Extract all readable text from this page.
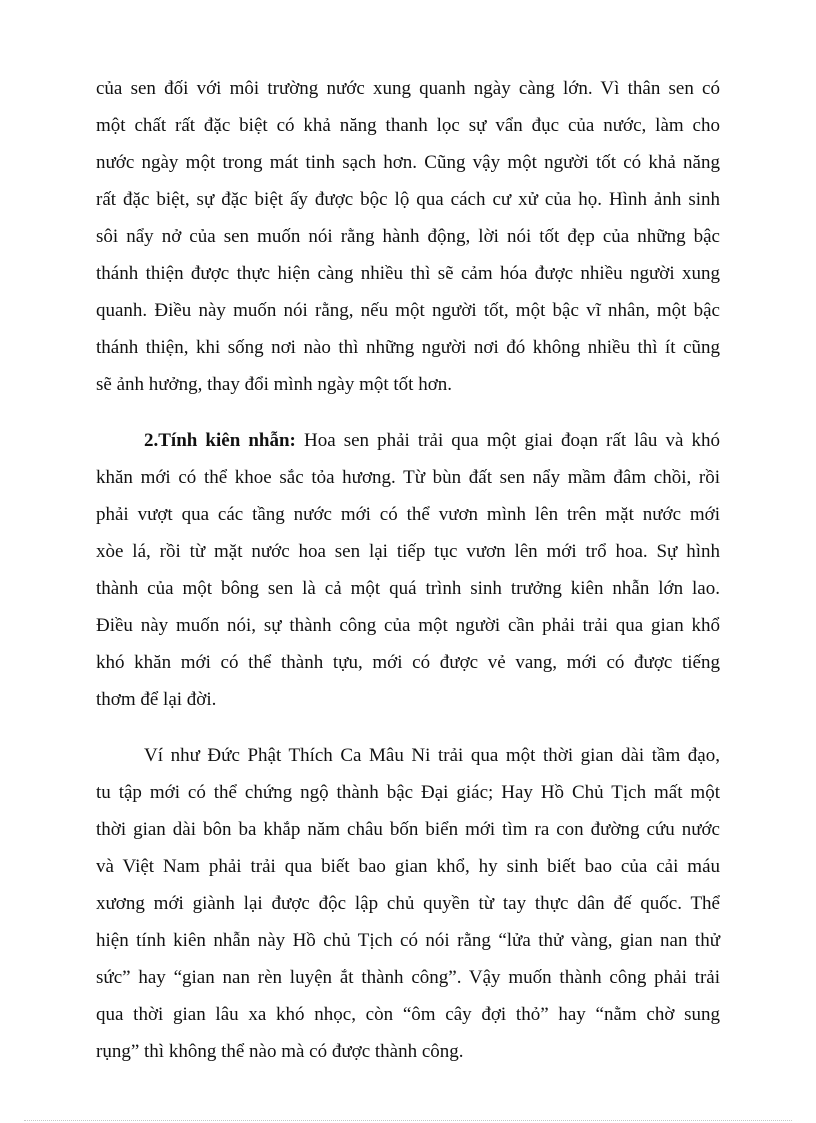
của sen đối với môi trường nước xung quanh ngày càng lớn. Vì thân sen có
một chất rất đặc biệt có khả năng thanh lọc sự vẩn đục của nước, làm cho
nước ngày một trong mát tinh sạch hơn. Cũng vậy một người tốt có khả năng
rất đặc biệt, sự đặc biệt ấy được bộc lộ qua cách cư xử của họ. Hình ảnh sinh
sôi nẩy nở của sen muốn nói rằng hành động, lời nói tốt đẹp của những bậc
thánh thiện được thực hiện càng nhiều thì sẽ cảm hóa được nhiều người xung
quanh. Điều này muốn nói rằng, nếu một người tốt, một bậc vĩ nhân, một bậc
thánh thiện, khi sống nơi nào thì những người nơi đó không nhiều thì ít cũng
sẽ ảnh hưởng, thay đổi mình ngày một tốt hơn.
2.Tính kiên nhẫn: Hoa sen phải trải qua một giai đoạn rất lâu và khó
khăn mới có thể khoe sắc tỏa hương. Từ bùn đất sen nẩy mầm đâm chồi, rồi
phải vượt qua các tầng nước mới có thể vươn mình lên trên mặt nước mới
xòe lá, rồi từ mặt nước hoa sen lại tiếp tục vươn lên mới trổ hoa. Sự hình
thành của một bông sen là cả một quá trình sinh trưởng kiên nhẫn lớn lao.
Điều này muốn nói, sự thành công của một người cần phải trải qua gian khổ
khó khăn mới có thể thành tựu, mới có được vẻ vang, mới có được tiếng
thơm để lại đời.
Ví như Đức Phật Thích Ca Mâu Ni trải qua một thời gian dài tầm đạo,
tu tập mới có thể chứng ngộ thành bậc Đại giác; Hay Hồ Chủ Tịch mất một
thời gian dài bôn ba khắp năm châu bốn biển mới tìm ra con đường cứu nước
và Việt Nam phải trải qua biết bao gian khổ, hy sinh biết bao của cải máu
xương mới giành lại được độc lập chủ quyền từ tay thực dân đế quốc. Thể
hiện tính kiên nhẫn này Hồ chủ Tịch có nói rằng “lửa thử vàng, gian nan thử
sức” hay “gian nan rèn luyện ắt thành công”. Vậy muốn thành công phải trải
qua thời gian lâu xa khó nhọc, còn “ôm cây đợi thỏ” hay “nằm chờ sung
rụng” thì không thể nào mà có được thành công.
